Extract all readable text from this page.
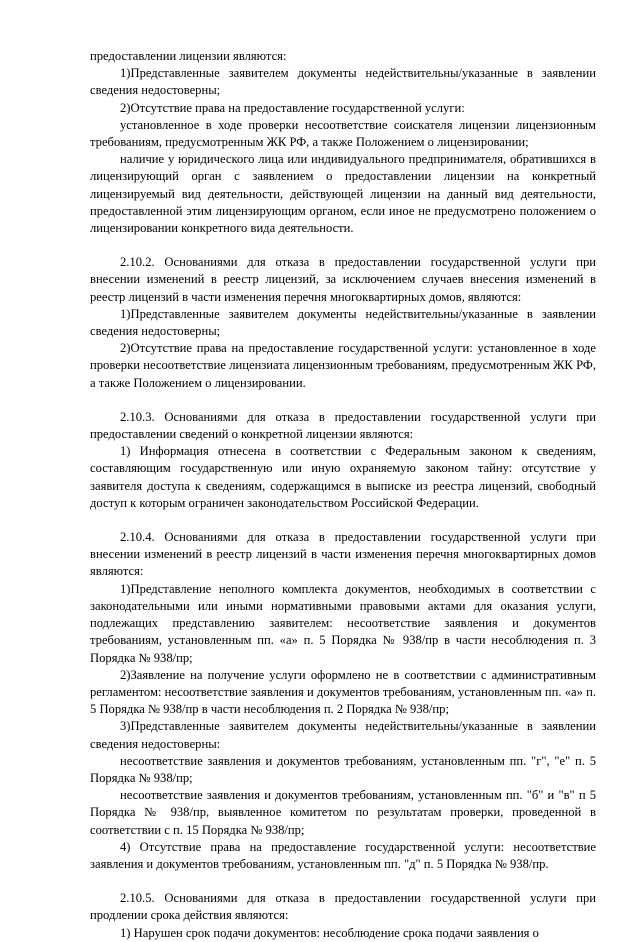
предоставлении лицензии являются:

1)Представленные заявителем документы недействительны/указанные в заявлении сведения недостоверны;

2)Отсутствие права на предоставление государственной услуги:

установленное в ходе проверки несоответствие соискателя лицензии лицензионным требованиям, предусмотренным ЖК РФ, а также Положением о лицензировании;

наличие у юридического лица или индивидуального предпринимателя, обратившихся в лицензирующий орган с заявлением о предоставлении лицензии на конкретный лицензируемый вид деятельности, действующей лицензии на данный вид деятельности, предоставленной этим лицензирующим органом, если иное не предусмотрено положением о лицензировании конкретного вида деятельности.

2.10.2. Основаниями для отказа в предоставлении государственной услуги при внесении изменений в реестр лицензий, за исключением случаев внесения изменений в реестр лицензий в части изменения перечня многоквартирных домов, являются:

1)Представленные заявителем документы недействительны/указанные в заявлении сведения недостоверны;

2)Отсутствие права на предоставление государственной услуги: установленное в ходе проверки несоответствие лицензиата лицензионным требованиям, предусмотренным ЖК РФ, а также Положением о лицензировании.

2.10.3. Основаниями для отказа в предоставлении государственной услуги при предоставлении сведений о конкретной лицензии являются:

1) Информация отнесена в соответствии с Федеральным законом к сведениям, составляющим государственную или иную охраняемую законом тайну: отсутствие у заявителя доступа к сведениям, содержащимся в выписке из реестра лицензий, свободный доступ к которым ограничен законодательством Российской Федерации.

2.10.4. Основаниями для отказа в предоставлении государственной услуги при внесении изменений в реестр лицензий в части изменения перечня многоквартирных домов являются:

1)Представление неполного комплекта документов, необходимых в соответствии с законодательными или иными нормативными правовыми актами для оказания услуги, подлежащих представлению заявителем: несоответствие заявления и документов требованиям, установленным пп. «а» п. 5 Порядка № 938/пр в части несоблюдения п. 3 Порядка № 938/пр;

2)Заявление на получение услуги оформлено не в соответствии с административным регламентом: несоответствие заявления и документов требованиям, установленным пп. «а» п. 5 Порядка № 938/пр в части несоблюдения п. 2 Порядка № 938/пр;

3)Представленные заявителем документы недействительны/указанные в заявлении сведения недостоверны:

несоответствие заявления и документов требованиям, установленным пп. "г", "е" п. 5 Порядка № 938/пр;

несоответствие заявления и документов требованиям, установленным пп. "б" и "в" п 5 Порядка № 938/пр, выявленное комитетом по результатам проверки, проведенной в соответствии с п. 15 Порядка № 938/пр;

4) Отсутствие права на предоставление государственной услуги: несоответствие заявления и документов требованиям, установленным пп. "д" п. 5 Порядка № 938/пр.

2.10.5. Основаниями для отказа в предоставлении государственной услуги при продлении срока действия являются:

1) Нарушен срок подачи документов: несоблюдение срока подачи заявления о
